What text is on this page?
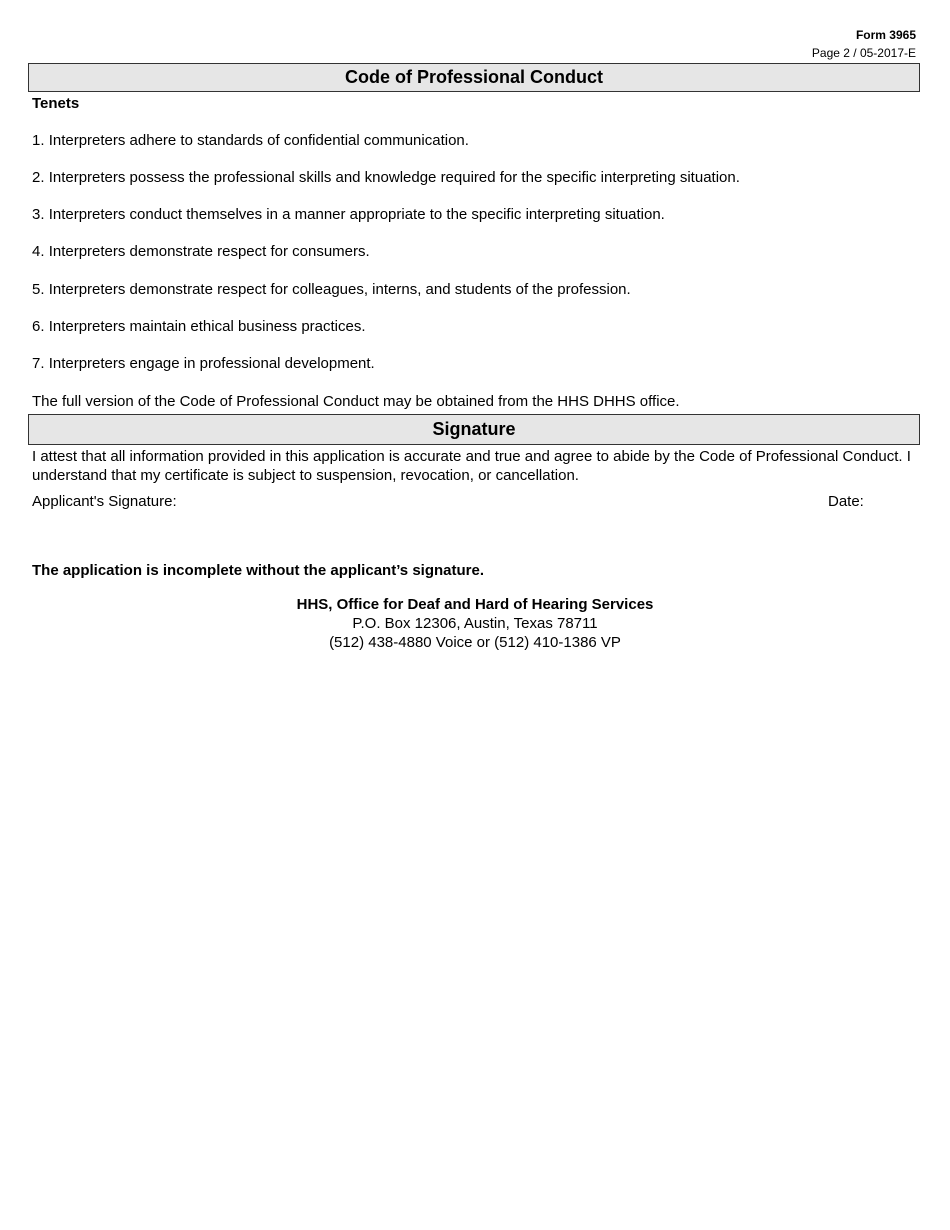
Form 3965
Page 2 / 05-2017-E
Code of Professional Conduct
Tenets
1. Interpreters adhere to standards of confidential communication.
2. Interpreters possess the professional skills and knowledge required for the specific interpreting situation.
3. Interpreters conduct themselves in a manner appropriate to the specific interpreting situation.
4. Interpreters demonstrate respect for consumers.
5. Interpreters demonstrate respect for colleagues, interns, and students of the profession.
6. Interpreters maintain ethical business practices.
7. Interpreters engage in professional development.
The full version of the Code of Professional Conduct may be obtained from the HHS DHHS office.
Signature
I attest that all information provided in this application is accurate and true and agree to abide by the Code of Professional Conduct. I understand that my certificate is subject to suspension, revocation, or cancellation.
Applicant's Signature:	Date:
The application is incomplete without the applicant’s signature.
HHS, Office for Deaf and Hard of Hearing Services
P.O. Box 12306, Austin, Texas 78711
(512) 438-4880 Voice or (512) 410-1386 VP
